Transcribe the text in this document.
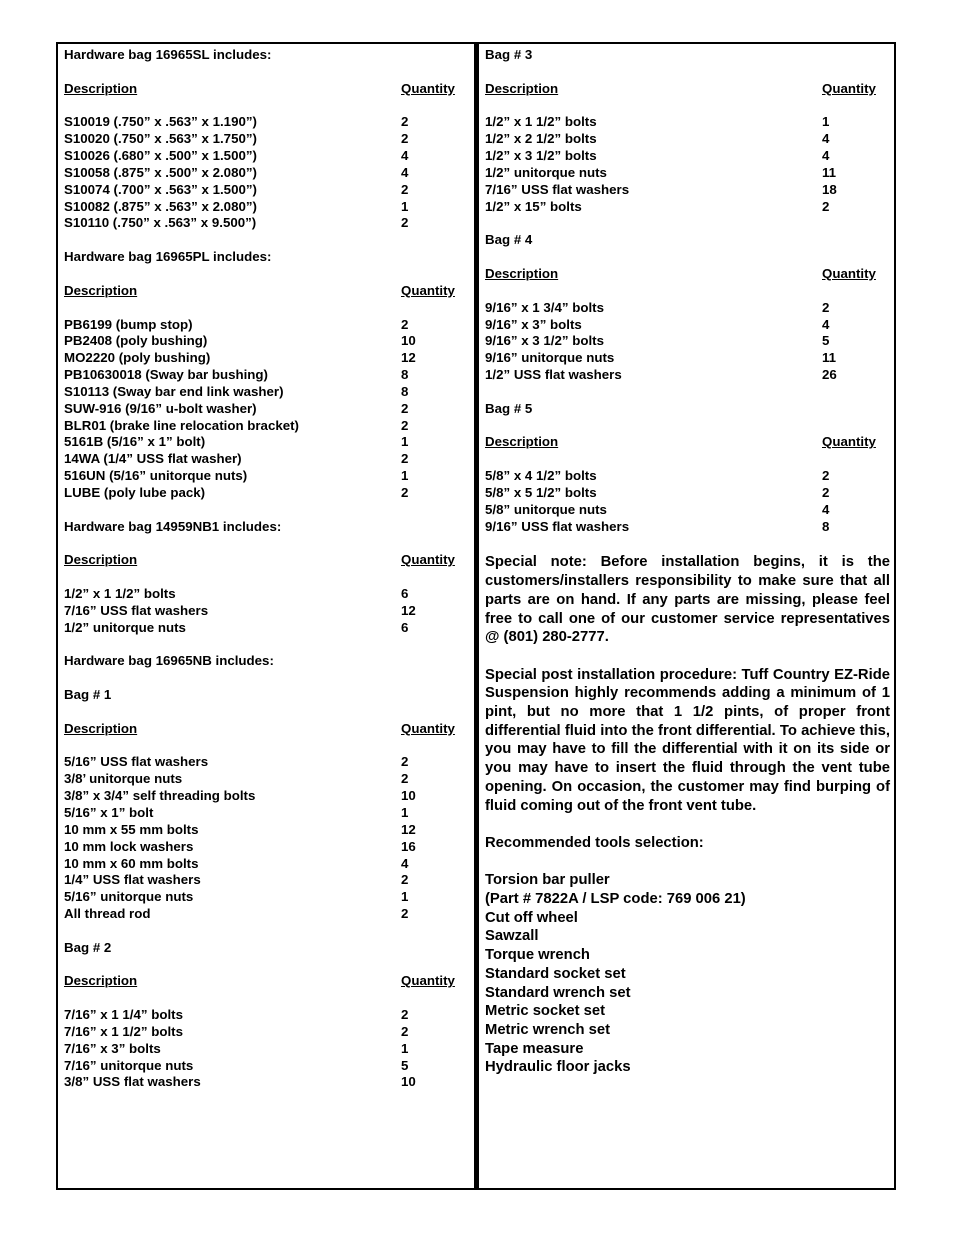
Hardware bag 16965SL includes:
Description	Quantity
S10019 (.750” x .563” x 1.190”)	2
S10020 (.750” x .563” x 1.750”)	2
S10026 (.680” x .500” x 1.500”)	4
S10058 (.875” x .500” x 2.080”)	4
S10074 (.700” x .563” x 1.500”)	2
S10082 (.875” x .563” x 2.080”)	1
S10110 (.750” x .563” x 9.500”)	2
Hardware bag 16965PL includes:
Description	Quantity
PB6199 (bump stop)	2
PB2408 (poly bushing)	10
MO2220 (poly bushing)	12
PB10630018 (Sway bar bushing)	8
S10113 (Sway bar end link washer)	8
SUW-916 (9/16” u-bolt washer)	2
BLR01 (brake line relocation bracket)	2
5161B (5/16” x 1” bolt)	1
14WA (1/4” USS flat washer)	2
516UN (5/16” unitorque nuts)	1
LUBE (poly lube pack)	2
Hardware bag 14959NB1 includes:
Description	Quantity
1/2” x 1 1/2” bolts	6
7/16” USS flat washers	12
1/2” unitorque nuts	6
Hardware bag 16965NB includes:
Bag # 1
Description	Quantity
5/16” USS flat washers	2
3/8’ unitorque nuts	2
3/8” x 3/4” self threading bolts	10
5/16” x 1” bolt	1
10 mm x 55 mm bolts	12
10 mm lock washers	16
10 mm x 60 mm bolts	4
1/4” USS flat washers	2
5/16” unitorque nuts	1
All thread rod	2
Bag # 2
Description	Quantity
7/16” x 1 1/4” bolts	2
7/16” x 1 1/2” bolts	2
7/16” x 3” bolts	1
7/16” unitorque nuts	5
3/8” USS flat washers	10
Bag # 3
Description	Quantity
1/2” x 1 1/2” bolts	1
1/2” x 2 1/2” bolts	4
1/2” x 3 1/2” bolts	4
1/2” unitorque nuts	11
7/16” USS flat washers	18
1/2” x 15” bolts	2
Bag # 4
Description	Quantity
9/16” x 1 3/4” bolts	2
9/16” x 3” bolts	4
9/16” x 3 1/2” bolts	5
9/16” unitorque nuts	11
1/2” USS flat washers	26
Bag # 5
Description	Quantity
5/8” x 4 1/2” bolts	2
5/8” x 5 1/2” bolts	2
5/8” unitorque nuts	4
9/16” USS flat washers	8

Special note: Before installation begins, it is the customers/installers responsibility to make sure that all parts are on hand. If any parts are missing, please feel free to call one of our customer service representatives @ (801) 280-2777.

Special post installation procedure: Tuff Country EZ-Ride Suspension highly recommends adding a minimum of 1 pint, but no more that 1 1/2 pints, of proper front differential fluid into the front differential. To achieve this, you may have to fill the differential with it on its side or you may have to insert the fluid through the vent tube opening. On occasion, the customer may find burping of fluid coming out of the front vent tube.

Recommended tools selection:
Torsion bar puller
(Part # 7822A / LSP code: 769 006 21)
Cut off wheel
Sawzall
Torque wrench
Standard socket set
Standard wrench set
Metric socket set
Metric wrench set
Tape measure
Hydraulic floor jacks
